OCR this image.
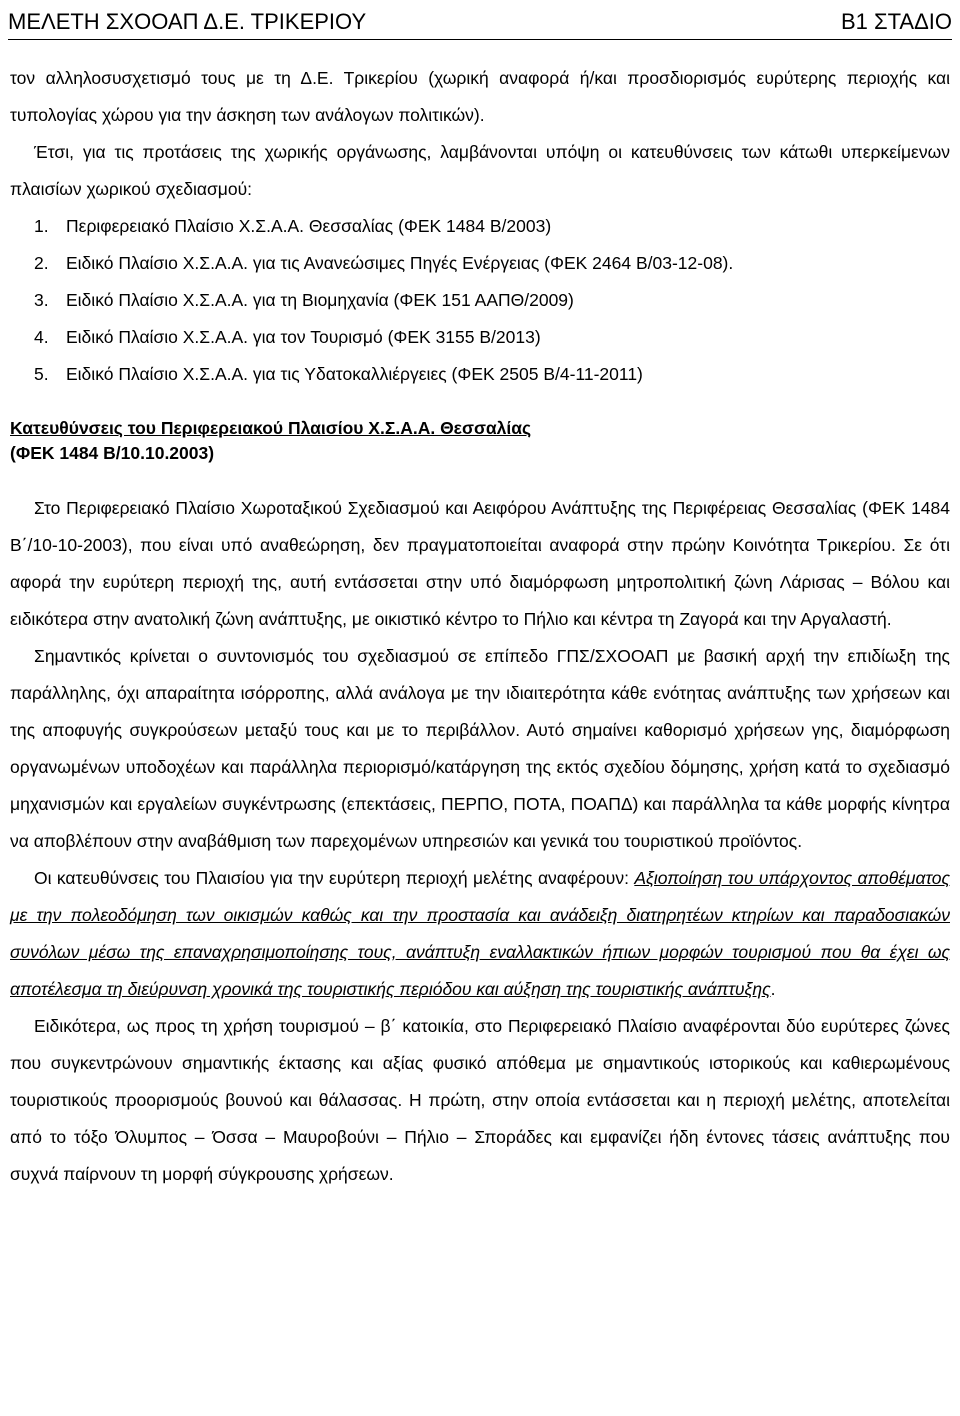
ΜΕΛΕΤΗ ΣΧΟΟΑΠ Δ.Ε. ΤΡΙΚΕΡΙΟΥ	Β1 ΣΤΑΔΙΟ

τον αλληλοσυσχετισμό τους με τη Δ.Ε. Τρικερίου (χωρική αναφορά ή/και προσδιορισμός ευρύτερης περιοχής και τυπολογίας χώρου για την άσκηση των ανάλογων πολιτικών).

Έτσι, για τις προτάσεις της χωρικής οργάνωσης, λαμβάνονται υπόψη οι κατευθύνσεις των κάτωθι υπερκείμενων πλαισίων χωρικού σχεδιασμού:

1. Περιφερειακό Πλαίσιο Χ.Σ.Α.Α. Θεσσαλίας (ΦΕΚ 1484 Β/2003)
2. Ειδικό Πλαίσιο Χ.Σ.Α.Α. για τις Ανανεώσιμες Πηγές Ενέργειας (ΦΕΚ 2464 Β/03-12-08).
3. Ειδικό Πλαίσιο Χ.Σ.Α.Α. για τη Βιομηχανία (ΦΕΚ 151 ΑΑΠΘ/2009)
4. Ειδικό Πλαίσιο Χ.Σ.Α.Α. για τον Τουρισμό (ΦΕΚ 3155 Β/2013)
5. Ειδικό Πλαίσιο Χ.Σ.Α.Α. για τις Υδατοκαλλιέργειες (ΦΕΚ 2505 Β/4-11-2011)
Κατευθύνσεις του Περιφερειακού Πλαισίου Χ.Σ.Α.Α. Θεσσαλίας
(ΦΕΚ 1484 Β/10.10.2003)

Στο Περιφερειακό Πλαίσιο Χωροταξικού Σχεδιασμού και Αειφόρου Ανάπτυξης της Περιφέρειας Θεσσαλίας (ΦΕΚ 1484 Β΄/10-10-2003), που είναι υπό αναθεώρηση, δεν πραγματοποιείται αναφορά στην πρώην Κοινότητα Τρικερίου. Σε ότι αφορά την ευρύτερη περιοχή της, αυτή εντάσσεται στην υπό διαμόρφωση μητροπολιτική ζώνη Λάρισας – Βόλου και ειδικότερα στην ανατολική ζώνη ανάπτυξης, με οικιστικό κέντρο το Πήλιο και κέντρα τη Ζαγορά και την Αργαλαστή.

Σημαντικός κρίνεται ο συντονισμός του σχεδιασμού σε επίπεδο ΓΠΣ/ΣΧΟΟΑΠ με βασική αρχή την επιδίωξη της παράλληλης, όχι απαραίτητα ισόρροπης, αλλά ανάλογα με την ιδιαιτερότητα κάθε ενότητας ανάπτυξης των χρήσεων και της αποφυγής συγκρούσεων μεταξύ τους και με το περιβάλλον. Αυτό σημαίνει καθορισμό χρήσεων γης, διαμόρφωση οργανωμένων υποδοχέων και παράλληλα περιορισμό/κατάργηση της εκτός σχεδίου δόμησης, χρήση κατά το σχεδιασμό μηχανισμών και εργαλείων συγκέντρωσης (επεκτάσεις, ΠΕΡΠΟ, ΠΟΤΑ, ΠΟΑΠΔ) και παράλληλα τα κάθε μορφής κίνητρα να αποβλέπουν στην αναβάθμιση των παρεχομένων υπηρεσιών και γενικά του τουριστικού προϊόντος.

Οι κατευθύνσεις του Πλαισίου για την ευρύτερη περιοχή μελέτης αναφέρουν: Αξιοποίηση του υπάρχοντος αποθέματος με την πολεοδόμηση των οικισμών καθώς και την προστασία και ανάδειξη διατηρητέων κτηρίων και παραδοσιακών συνόλων μέσω της επαναχρησιμοποίησης τους, ανάπτυξη εναλλακτικών ήπιων μορφών τουρισμού που θα έχει ως αποτέλεσμα τη διεύρυνση χρονικά της τουριστικής περιόδου και αύξηση της τουριστικής ανάπτυξης.

Ειδικότερα, ως προς τη χρήση τουρισμού – β΄ κατοικία, στο Περιφερειακό Πλαίσιο αναφέρονται δύο ευρύτερες ζώνες που συγκεντρώνουν σημαντικής έκτασης και αξίας φυσικό απόθεμα με σημαντικούς ιστορικούς και καθιερωμένους τουριστικούς προορισμούς βουνού και θάλασσας. Η πρώτη, στην οποία εντάσσεται και η περιοχή μελέτης, αποτελείται από το τόξο Όλυμπος – Όσσα – Μαυροβούνι – Πήλιο – Σποράδες και εμφανίζει ήδη έντονες τάσεις ανάπτυξης που συχνά παίρνουν τη μορφή σύγκρουσης χρήσεων.
